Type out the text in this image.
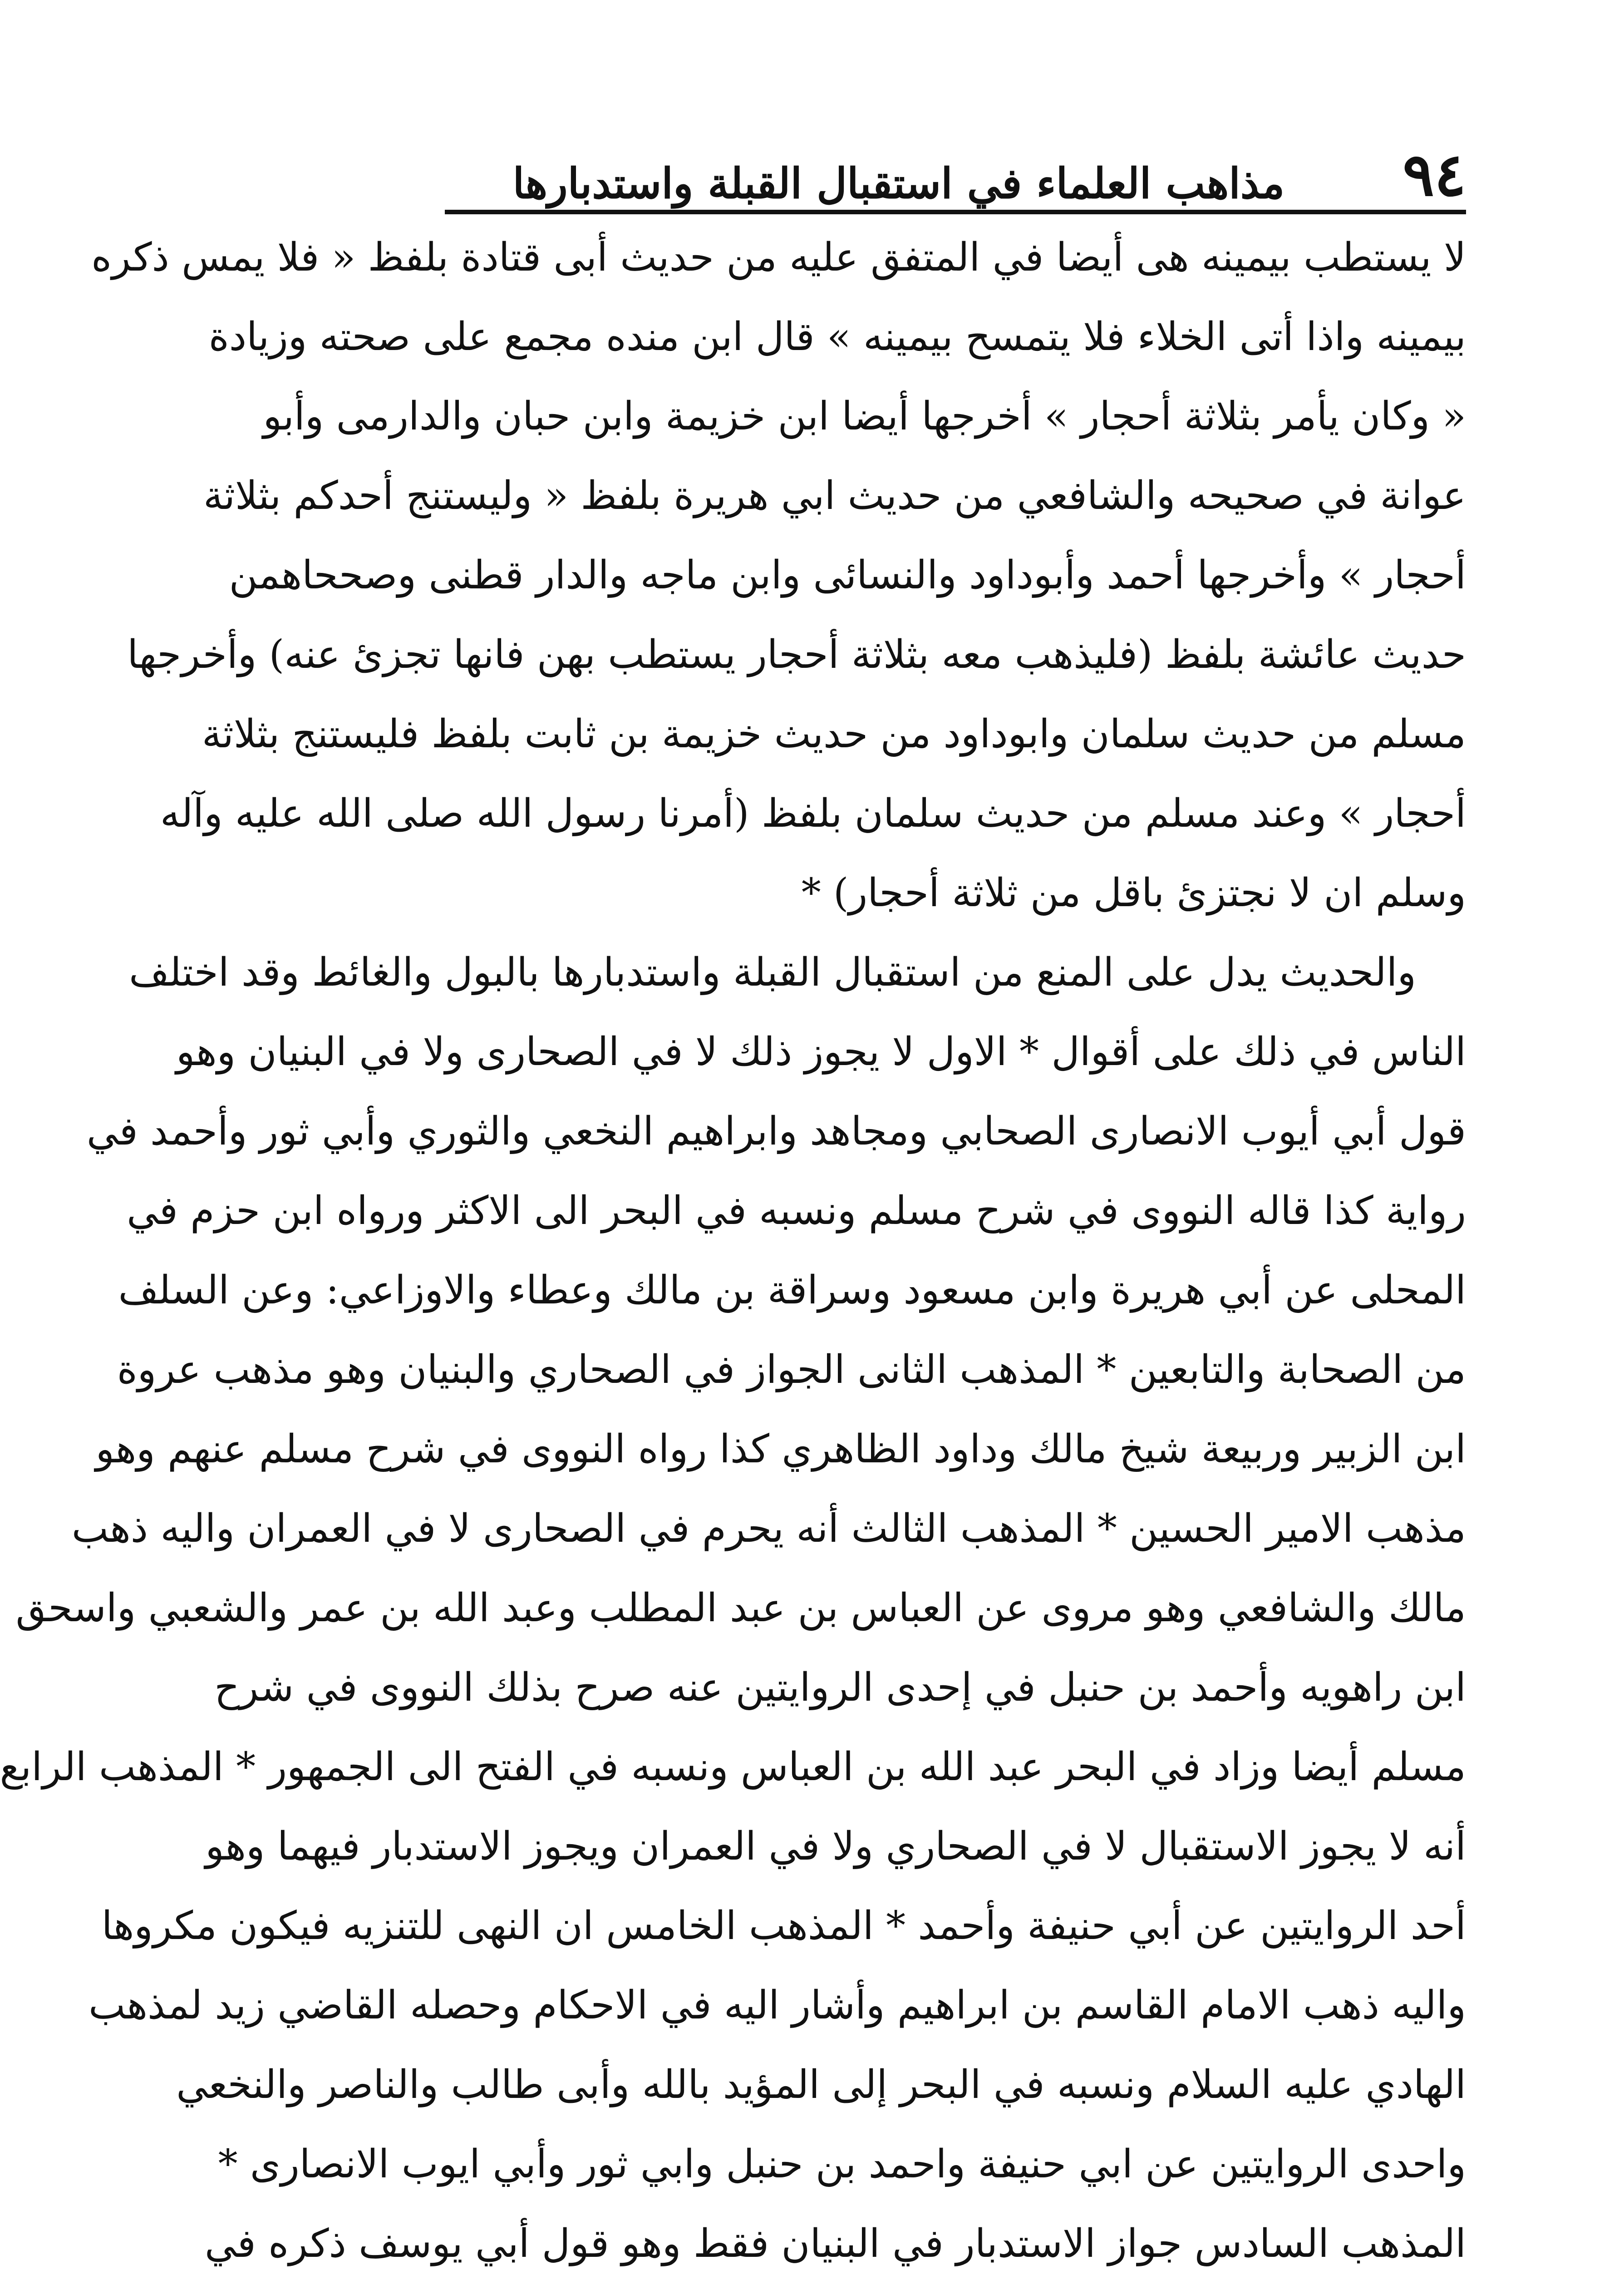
٩٤
مذاهب العلماء في استقبال القبلة واستدبارها
لا يستطب بيمينه هى أيضا في المتفق عليه من حديث أبى قتادة بلفظ « فلا يمس ذكره
بيمينه واذا أتى الخلاء فلا يتمسح بيمينه » قال ابن منده مجمع على صحته وزيادة
« وكان يأمر بثلاثة أحجار » أخرجها أيضا ابن خزيمة وابن حبان والدارمى وأبو
عوانة في صحيحه والشافعي من حديث ابي هريرة بلفظ « وليستنج أحدكم بثلاثة
أحجار » وأخرجها أحمد وأبوداود والنسائى وابن ماجه والدار قطنى وصححاهمن
حديث عائشة بلفظ (فليذهب معه بثلاثة أحجار يستطب بهن فانها تجزئ عنه) وأخرجها
مسلم من حديث سلمان وابوداود من حديث خزيمة بن ثابت بلفظ فليستنج بثلاثة
أحجار » وعند مسلم من حديث سلمان بلفظ (أمرنا رسول الله صلى الله عليه وآله
وسلم ان لا نجتزئ باقل من ثلاثة أحجار) *
والحديث يدل على المنع من استقبال القبلة واستدبارها بالبول والغائط وقد اختلف
الناس في ذلك على أقوال * الاول لا يجوز ذلك لا في الصحارى ولا في البنيان وهو
قول أبي أيوب الانصارى الصحابي ومجاهد وابراهيم النخعي والثوري وأبي ثور وأحمد في
رواية كذا قاله النووى في شرح مسلم ونسبه في البحر الى الاكثر ورواه ابن حزم في
المحلى عن أبي هريرة وابن مسعود وسراقة بن مالك وعطاء والاوزاعي: وعن السلف
من الصحابة والتابعين * المذهب الثانى الجواز في الصحاري والبنيان وهو مذهب عروة
ابن الزبير وربيعة شيخ مالك وداود الظاهري كذا رواه النووى في شرح مسلم عنهم وهو
مذهب الامير الحسين * المذهب الثالث أنه يحرم في الصحارى لا في العمران واليه ذهب
مالك والشافعي وهو مروى عن العباس بن عبد المطلب وعبد الله بن عمر والشعبي واسحق
ابن راهويه وأحمد بن حنبل في إحدى الروايتين عنه صرح بذلك النووى في شرح
مسلم أيضا وزاد في البحر عبد الله بن العباس ونسبه في الفتح الى الجمهور * المذهب الرابع
أنه لا يجوز الاستقبال لا في الصحاري ولا في العمران ويجوز الاستدبار فيهما وهو
أحد الروايتين عن أبي حنيفة وأحمد * المذهب الخامس ان النهى للتنزيه فيكون مكروها
واليه ذهب الامام القاسم بن ابراهيم وأشار اليه في الاحكام وحصله القاضي زيد لمذهب
الهادي عليه السلام ونسبه في البحر إلى المؤيد بالله وأبى طالب والناصر والنخعي
واحدى الروايتين عن ابي حنيفة واحمد بن حنبل وابي ثور وأبي ايوب الانصارى *
المذهب السادس جواز الاستدبار في البنيان فقط وهو قول أبي يوسف ذكره في
